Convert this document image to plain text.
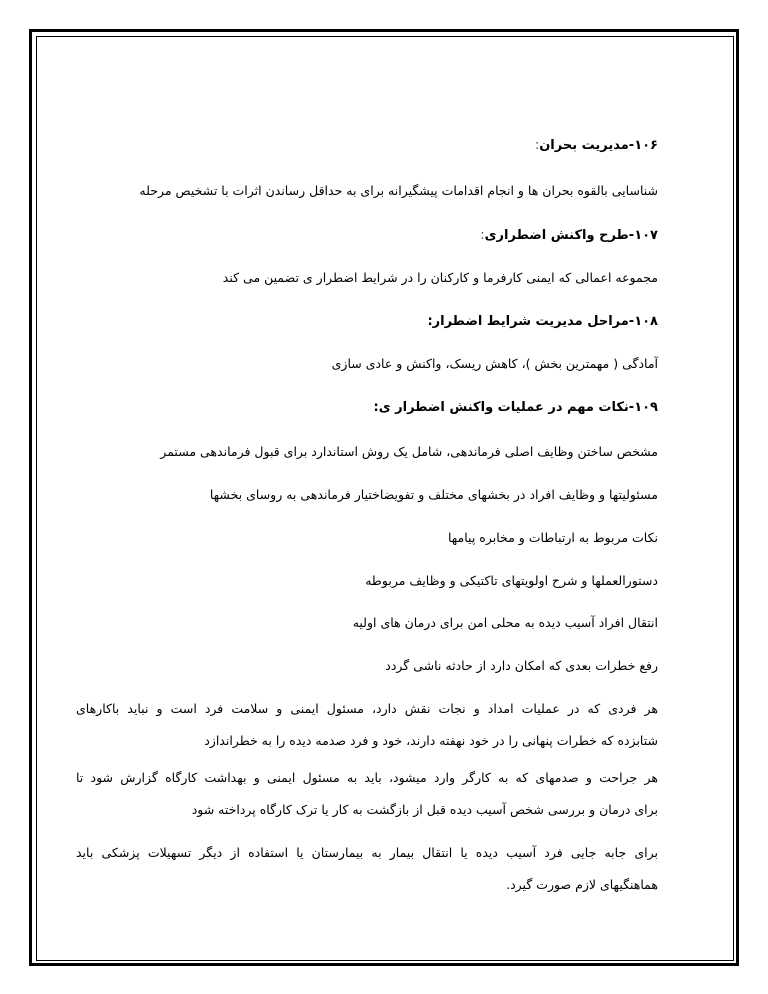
۱۰۶-مدیریت بحران:
شناسایی بالقوه بحران ها و انجام اقدامات پیشگیرانه برای به حداقل رساندن اثرات با تشخیص مرحله
۱۰۷-طرح واکنش اضطراری:
مجموعه اعمالی که ایمنی کارفرما و کارکنان را در شرایط اضطرار ی تضمین می کند
۱۰۸-مراحل مدیریت شرایط اضطرار:
آمادگی ( مهمترین بخش )، کاهش ریسک، واکنش و عادی سازی
۱۰۹-نکات مهم در عملیات واکنش اضطرار ی:
مشخص ساختن وظایف اصلی فرماندهی، شامل یک روش استاندارد برای قبول فرماندهی مستمر
مسئولیتها و وظایف افراد در بخشهای مختلف و تفویضاختیار فرماندهی به روسای بخشها
نکات مربوط به ارتباطات و مخابره پیامها
دستورالعملها و شرح اولویتهای تاکتیکی و وظایف مربوطه
انتقال افراد آسیب دیده به محلی امن برای درمان های اولیه
رفع خطرات بعدی که امکان دارد از حادثه ناشی گردد
هر فردی که در عملیات امداد و نجات نقش دارد، مسئول ایمنی و سلامت فرد است و نباید باکارهای
شتابزده که خطرات پنهانی را در خود نهفته دارند، خود و فرد صدمه دیده را به خطراندازد
هر جراحت و صدمهای که به کارگر وارد میشود، باید به مسئول ایمنی و بهداشت کارگاه گزارش شود تا
برای درمان و بررسی شخص آسیب دیده قبل از بازگشت به کار یا ترک کارگاه پرداخته شود
برای جابه جایی فرد آسیب دیده یا انتقال بیمار به بیمارستان یا استفاده از دیگر تسهیلات پزشکی باید
هماهنگیهای لازم صورت گیرد.
